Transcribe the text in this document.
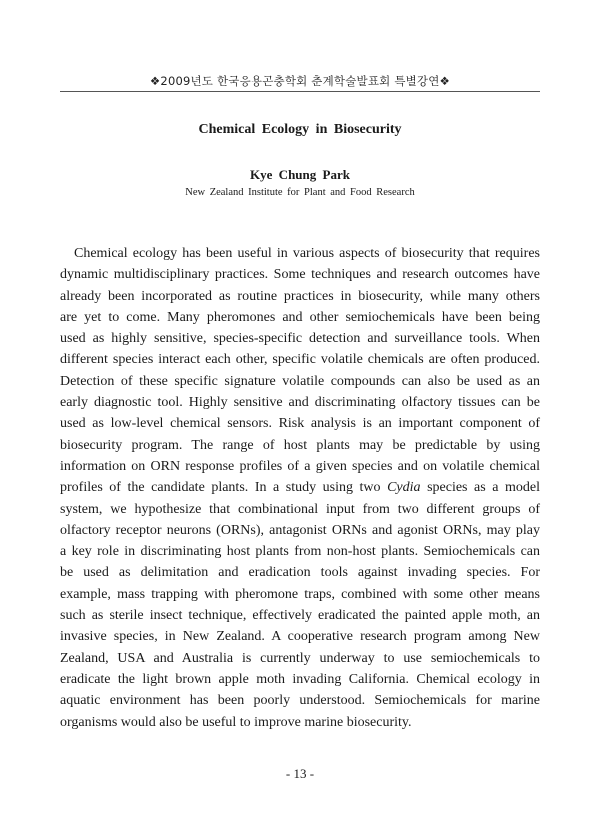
❖2009년도 한국응용곤충학회 춘계학술발표회 특별강연❖
Chemical Ecology in Biosecurity
Kye Chung Park
New Zealand Institute for Plant and Food Research
Chemical ecology has been useful in various aspects of biosecurity that requires
dynamic multidisciplinary practices. Some techniques and research outcomes have
already been incorporated as routine practices in biosecurity, while many others
are yet to come. Many pheromones and other semiochemicals have been being
used as highly sensitive, species-specific detection and surveillance tools. When
different species interact each other, specific volatile chemicals are often produced.
Detection of these specific signature volatile compounds can also be used as an
early diagnostic tool. Highly sensitive and discriminating olfactory tissues can be
used as low-level chemical sensors. Risk analysis is an important component of
biosecurity program. The range of host plants may be predictable by using
information on ORN response profiles of a given species and on volatile chemical
profiles of the candidate plants. In a study using two Cydia species as a model
system, we hypothesize that combinational input from two different groups of
olfactory receptor neurons (ORNs), antagonist ORNs and agonist ORNs, may play
a key role in discriminating host plants from non-host plants. Semiochemicals can
be used as delimitation and eradication tools against invading species. For
example, mass trapping with pheromone traps, combined with some other means
such as sterile insect technique, effectively eradicated the painted apple moth, an
invasive species, in New Zealand. A cooperative research program among New
Zealand, USA and Australia is currently underway to use semiochemicals to
eradicate the light brown apple moth invading California. Chemical ecology in
aquatic environment has been poorly understood. Semiochemicals for marine
organisms would also be useful to improve marine biosecurity.
- 13 -
